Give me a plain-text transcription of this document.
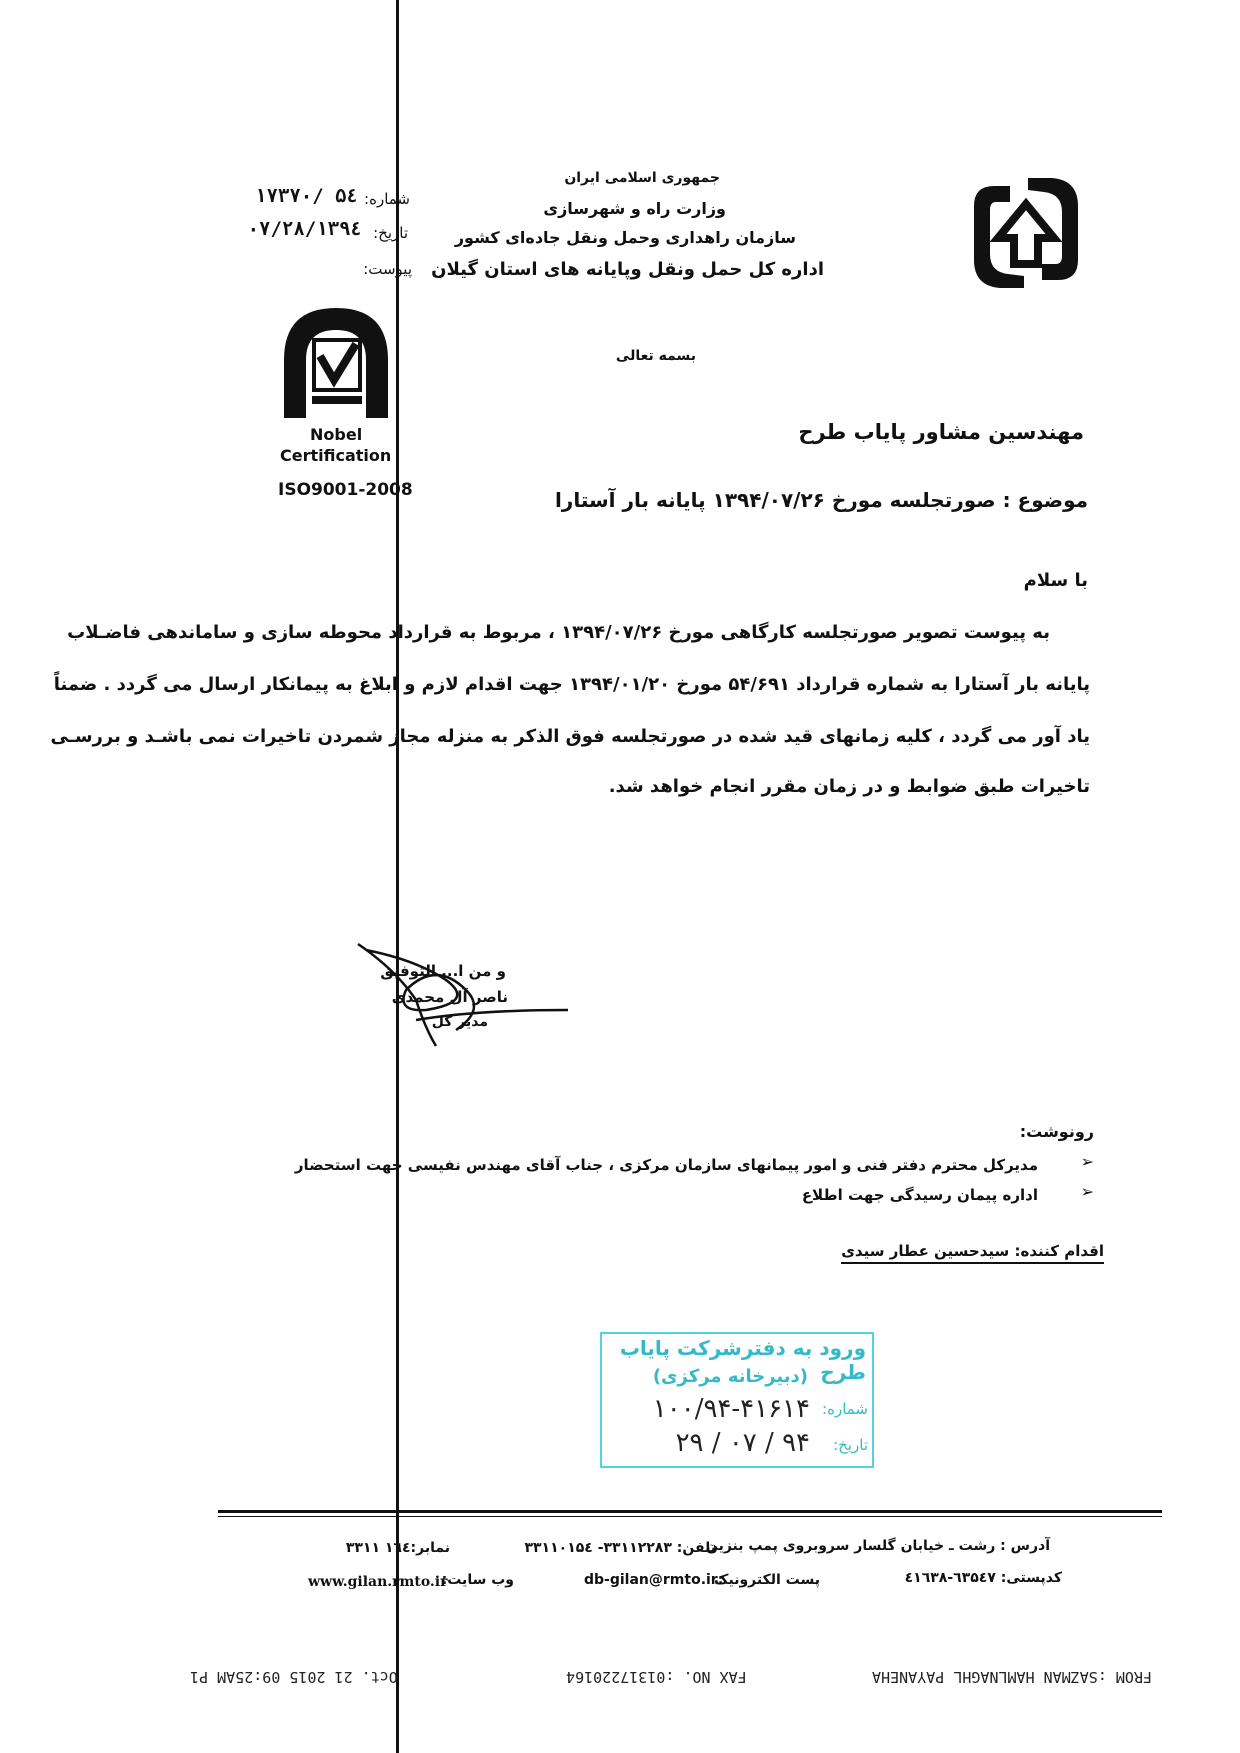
جمهوری اسلامی ایران
وزارت راه و شهرسازی
سازمان راهداری وحمل ونقل جاده‌ای کشور
اداره کل حمل ونقل وپایانه های استان گیلان
شماره:
۵٤ /۱۷۳۷۰
تاریخ:
۱۳۹٤/۰۷/۲۸
پیوست:
Nobel
Certification
ISO9001-2008
بسمه تعالی
مهندسین مشاور پایاب طرح
موضوع : صورتجلسه مورخ ۱۳۹۴/۰۷/۲۶ پایانه بار آستارا
با سلام
به پیوست تصویر صورتجلسه کارگاهی مورخ ۱۳۹۴/۰۷/۲۶ ، مربوط به قرارداد محوطه سازی و ساماندهی فاضـلاب
پایانه بار آستارا به شماره قرارداد ۵۴/۶۹۱ مورخ ۱۳۹۴/۰۱/۲۰ جهت اقدام لازم و ابلاغ به پیمانکار ارسال می گردد . ضمناً
یاد آور می گردد ، کلیه زمانهای قید شده در صورتجلسه فوق الذکر به منزله مجاز شمردن تاخیرات نمی باشـد و بررسـی
تاخیرات طبق ضوابط و در زمان مقرر انجام خواهد شد.
و من ا... التوفیق
ناصر آل محمدی
مدیر کل
رونوشت:
➢
مدیرکل محترم دفتر فنی و امور پیمانهای سازمان مرکزی ، جناب آقای مهندس نفیسی جهت استحضار
➢
اداره پیمان رسیدگی جهت اطلاع
اقدام کننده: سیدحسین عطار سیدی
ورود به دفترشرکت پایاب طرح
(دبیرخانه مرکزی)
شماره:
۱۰۰/۹۴-۴۱۶۱۴
تاریخ:
۹۴ / ۰۷ / ۲۹
آدرس : رشت ـ خیابان گلسار سروبروی پمپ بنزین
تلفن: ۳۳۱۱۲۲۸۳- ۳۳۱۱۰۱۵٤
نمابر:۱٦٤ ۳۳۱۱
کدپستی: ٦۳۵٤۷-٤۱٦۳۸
پست الکترونیک
db-gilan@rmto.ir:
وب سایت:
www.gilan.rmto.ir
FROM :SAZMAN HAMLNAGHL PAYANEHA
FAX NO. :01317220164
Oct. 21 2015 09:25AM P1
